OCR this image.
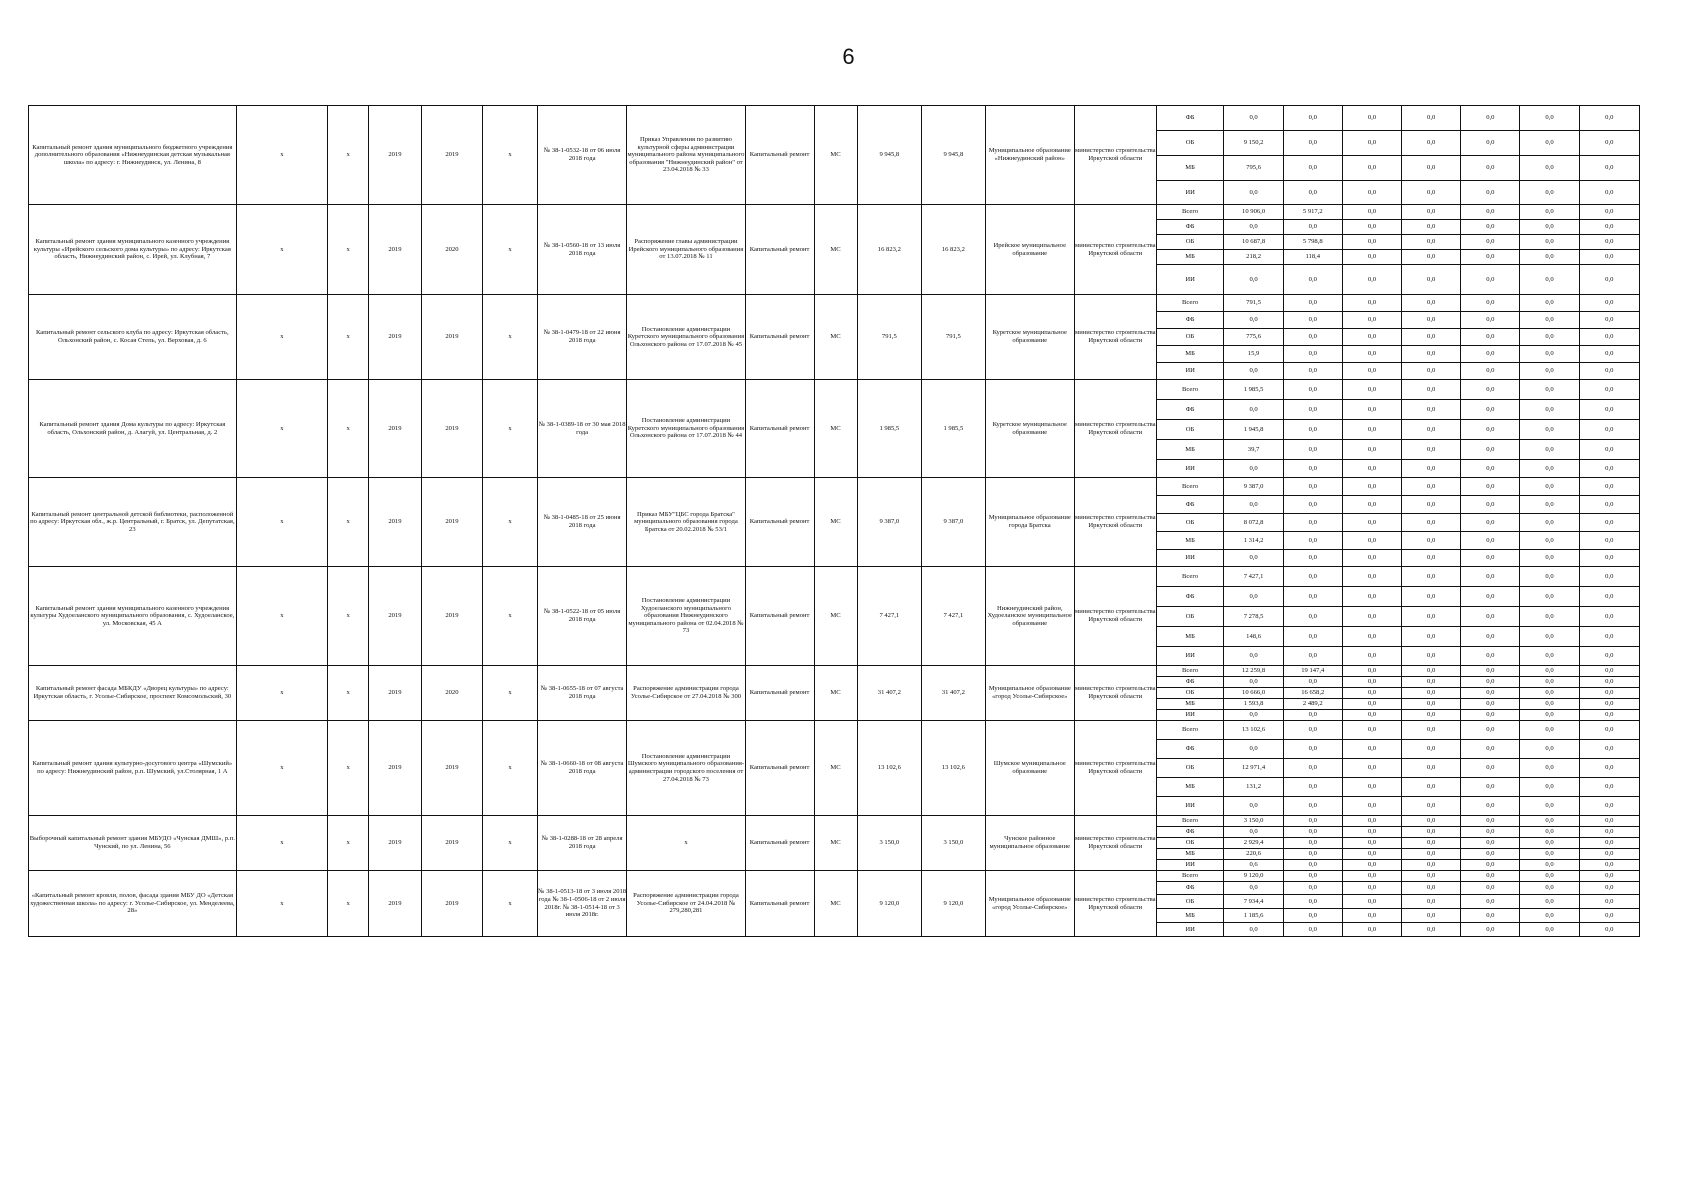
6
Капитальный ремонт здания муниципального бюджетного учреждения дополнительного образования «Нижнеудинская детская музыкальная школа» по адресу: г. Нижнеудинск, ул. Ленина, 8	x	x	2019	2019	x	№ 38-1-0532-18 от 06 июля 2018 года	Приказ Управления по развитию культурной сферы администрации муниципального района муниципального образования "Нижнеудинский район" от 23.04.2018 № 33	Капитальный ремонт	МС	9 945,8	9 945,8	Муниципальное образование «Нижнеудинский район»	министерство строительства Иркутской области	ФБ	0,0	0,0	0,0	0,0	0,0	0,0	0,0
														ОБ	9 150,2	0,0	0,0	0,0	0,0	0,0	0,0
														МБ	795,6	0,0	0,0	0,0	0,0	0,0	0,0
														ИИ	0,0	0,0	0,0	0,0	0,0	0,0	0,0
Капитальный ремонт здания муниципального казенного учреждения культуры «Ирейского сельского дома культуры» по адресу: Иркутская область, Нижнеудинский район, с. Ирей, ул. Клубная, 7	x	x	2019	2020	x	№ 38-1-0560-18 от 13 июля 2018 года	Распоряжение главы администрации Ирейского муниципального образования от 13.07.2018 № 11	Капитальный ремонт	МС	16 823,2	16 823,2	Ирейское муниципальное образование	министерство строительства Иркутской области	Всего	10 906,0	5 917,2	0,0	0,0	0,0	0,0	0,0
														ФБ	0,0	0,0	0,0	0,0	0,0	0,0	0,0
														ОБ	10 687,8	5 798,8	0,0	0,0	0,0	0,0	0,0
														МБ	218,2	118,4	0,0	0,0	0,0	0,0	0,0
														ИИ	0,0	0,0	0,0	0,0	0,0	0,0	0,0
Капитальный ремонт сельского клуба по адресу: Иркутская область, Ольхонский район, с. Косая Степь, ул. Верховая, д. 6	x	x	2019	2019	x	№ 38-1-0479-18 от 22 июня 2018 года	Постановление администрации Куретского муниципального образования Ольхонского района от 17.07.2018 № 45	Капитальный ремонт	МС	791,5	791,5	Куретское муниципальное образование	министерство строительства Иркутской области	Всего	791,5	0,0	0,0	0,0	0,0	0,0	0,0
														ФБ	0,0	0,0	0,0	0,0	0,0	0,0	0,0
														ОБ	775,6	0,0	0,0	0,0	0,0	0,0	0,0
														МБ	15,9	0,0	0,0	0,0	0,0	0,0	0,0
														ИИ	0,0	0,0	0,0	0,0	0,0	0,0	0,0
Капитальный ремонт здания Дома культуры по адресу: Иркутская область, Ольхонский район, д. Алагуй, ул. Центральная, д. 2	x	x	2019	2019	x	№ 38-1-0389-18 от 30 мая 2018 года	Постановление администрации Куретского муниципального образования Ольхонского района от 17.07.2018 № 44	Капитальный ремонт	МС	1 985,5	1 985,5	Куретское муниципальное образование	министерство строительства Иркутской области	Всего	1 985,5	0,0	0,0	0,0	0,0	0,0	0,0
														ФБ	0,0	0,0	0,0	0,0	0,0	0,0	0,0
														ОБ	1 945,8	0,0	0,0	0,0	0,0	0,0	0,0
														МБ	39,7	0,0	0,0	0,0	0,0	0,0	0,0
														ИИ	0,0	0,0	0,0	0,0	0,0	0,0	0,0
Капитальный ремонт центральной детской библиотеки, расположенной по адресу: Иркутская обл., ж.р. Центральный, г. Братск, ул. Депутатская, 23	x	x	2019	2019	x	№ 38-1-0485-18 от 25 июня 2018 года	Приказ МБУ"ЦБС города Братска" муниципального образования города Братска от 20.02.2018 № 53/1	Капитальный ремонт	МС	9 387,0	9 387,0	Муниципальное образование города Братска	министерство строительства Иркутской области	Всего	9 387,0	0,0	0,0	0,0	0,0	0,0	0,0
														ФБ	0,0	0,0	0,0	0,0	0,0	0,0	0,0
														ОБ	8 072,8	0,0	0,0	0,0	0,0	0,0	0,0
														МБ	1 314,2	0,0	0,0	0,0	0,0	0,0	0,0
														ИИ	0,0	0,0	0,0	0,0	0,0	0,0	0,0
Капитальный ремонт здания муниципального казенного учреждения культуры Худоеланского муниципального образования, с. Худоеланское, ул. Московская, 45 А	x	x	2019	2019	x	№ 38-1-0522-18 от 05 июля 2018 года	Постановление администрации Худоеланского муниципального образования Нижнеудинского муниципального района от 02.04.2018 № 73	Капитальный ремонт	МС	7 427,1	7 427,1	Нижнеудинский район, Худоеланское муниципальное образование	министерство строительства Иркутской области	Всего	7 427,1	0,0	0,0	0,0	0,0	0,0	0,0
														ФБ	0,0	0,0	0,0	0,0	0,0	0,0	0,0
														ОБ	7 278,5	0,0	0,0	0,0	0,0	0,0	0,0
														МБ	148,6	0,0	0,0	0,0	0,0	0,0	0,0
														ИИ	0,0	0,0	0,0	0,0	0,0	0,0	0,0
Капитальный ремонт фасада МБКДУ «Дворец культуры» по адресу: Иркутская область, г. Усолье-Сибирское, проспект Комсомольский, 30	x	x	2019	2020	x	№ 38-1-0655-18 от 07 августа 2018 года	Распоряжение администрации города Усолье-Сибирское от 27.04.2018 № 300	Капитальный ремонт	МС	31 407,2	31 407,2	Муниципальное образование «город Усолье-Сибирское»	министерство строительства Иркутской области	Всего	12 259,8	19 147,4	0,0	0,0	0,0	0,0	0,0
														ФБ	0,0	0,0	0,0	0,0	0,0	0,0	0,0
														ОБ	10 666,0	16 658,2	0,0	0,0	0,0	0,0	0,0
														МБ	1 593,8	2 489,2	0,0	0,0	0,0	0,0	0,0
														ИИ	0,0	0,0	0,0	0,0	0,0	0,0	0,0
Капитальный ремонт здания культурно-досугового центра «Шумский» по адресу: Нижнеудинский район, р.п. Шумский, ул.Столярная, 1 А	x	x	2019	2019	x	№ 38-1-0660-18 от 08 августа 2018 года	Постановление администрации Шумского муниципального образования-администрации городского поселения от 27.04.2018 № 73	Капитальный ремонт	МС	13 102,6	13 102,6	Шумское муниципальное образование	министерство строительства Иркутской области	Всего	13 102,6	0,0	0,0	0,0	0,0	0,0	0,0
														ФБ	0,0	0,0	0,0	0,0	0,0	0,0	0,0
														ОБ	12 971,4	0,0	0,0	0,0	0,0	0,0	0,0
														МБ	131,2	0,0	0,0	0,0	0,0	0,0	0,0
														ИИ	0,0	0,0	0,0	0,0	0,0	0,0	0,0
Выборочный капитальный ремонт здания МБУДО «Чунская ДМШ», р.п. Чунский, по ул. Ленина, 56	x	x	2019	2019	x	№ 38-1-0288-18 от 28 апреля 2018 года	x	Капитальный ремонт	МС	3 150,0	3 150,0	Чунское районное муниципальное образование	министерство строительства Иркутской области	Всего	3 150,0	0,0	0,0	0,0	0,0	0,0	0,0
														ФБ	0,0	0,0	0,0	0,0	0,0	0,0	0,0
														ОБ	2 929,4	0,0	0,0	0,0	0,0	0,0	0,0
														МБ	220,6	0,0	0,0	0,0	0,0	0,0	0,0
														ИИ	0,6	0,0	0,0	0,0	0,0	0,0	0,0
«Капитальный ремонт кровли, полов, фасада здания МБУ ДО «Детская художественная школа» по адресу: г. Усолье-Сибирское, ул. Менделеева, 28»	x	x	2019	2019	x	№ 38-1-0513-18 от 3 июля 2018 года № 38-1-0506-18 от 2 июля 2018г. № 38-1-0514-18 от 3 июля 2018г.	Распоряжение администрации города Усолье-Сибирское от 24.04.2018 № 279,280,281	Капитальный ремонт	МС	9 120,0	9 120,0	Муниципальное образование «город Усолье-Сибирское»	министерство строительства Иркутской области	Всего	9 120,0	0,0	0,0	0,0	0,0	0,0	0,0
														ФБ	0,0	0,0	0,0	0,0	0,0	0,0	0,0
														ОБ	7 934,4	0,0	0,0	0,0	0,0	0,0	0,0
														МБ	1 185,6	0,0	0,0	0,0	0,0	0,0	0,0
														ИИ	0,0	0,0	0,0	0,0	0,0	0,0	0,0
